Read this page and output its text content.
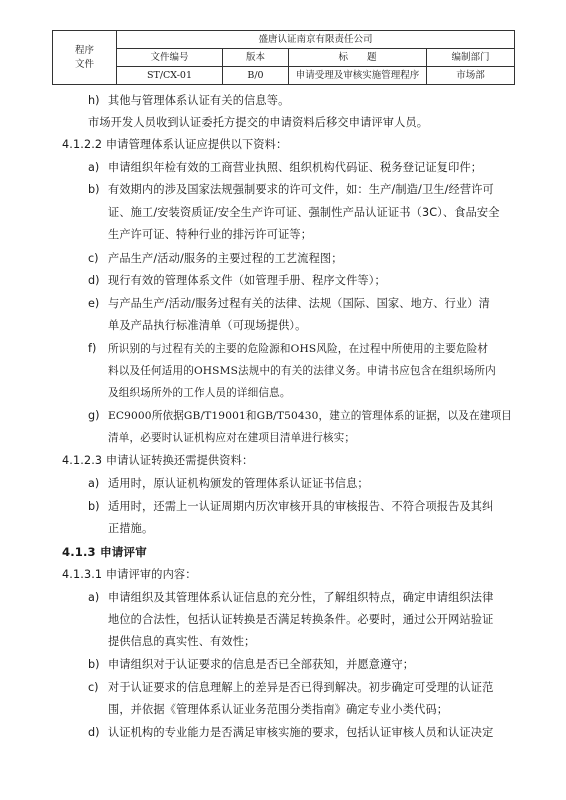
程序
文件	盛唐认证南京有限责任公司			
	文件编号	版本	标　　题	编制部门
	ST/CX-01	B/0	申请受理及审核实施管理程序	市场部
h) 其他与管理体系认证有关的信息等。
市场开发人员收到认证委托方提交的申请资料后移交申请评审人员。
4.1.2.2 申请管理体系认证应提供以下资料：
a) 申请组织年检有效的工商营业执照、组织机构代码证、税务登记证复印件；
b) 有效期内的涉及国家法规强制要求的许可文件，如：生产/制造/卫生/经营许可
证、施工/安装资质证/安全生产许可证、强制性产品认证证书（3C）、食品安全
生产许可证、特种行业的排污许可证等；
c) 产品生产/活动/服务的主要过程的工艺流程图；
d) 现行有效的管理体系文件（如管理手册、程序文件等）；
e) 与产品生产/活动/服务过程有关的法律、法规（国际、国家、地方、行业）清
单及产品执行标准清单（可现场提供）。
f) 所识别的与过程有关的主要的危险源和OHS风险，在过程中所使用的主要危险材
料以及任何适用的OHSMS法规中的有关的法律义务。申请书应包含在组织场所内
及组织场所外的工作人员的详细信息。
g) EC9000所依据GB/T19001和GB/T50430，建立的管理体系的证据，以及在建项目
清单，必要时认证机构应对在建项目清单进行核实；
4.1.2.3 申请认证转换还需提供资料：
a) 适用时，原认证机构颁发的管理体系认证证书信息；
b) 适用时，还需上一认证周期内历次审核开具的审核报告、不符合项报告及其纠
正措施。
4.1.3 申请评审
4.1.3.1 申请评审的内容：
a) 申请组织及其管理体系认证信息的充分性，了解组织特点，确定申请组织法律
地位的合法性，包括认证转换是否满足转换条件。必要时，通过公开网站验证
提供信息的真实性、有效性；
b) 申请组织对于认证要求的信息是否已全部获知，并愿意遵守；
c) 对于认证要求的信息理解上的差异是否已得到解决。初步确定可受理的认证范
围，并依据《管理体系认证业务范围分类指南》确定专业小类代码；
d) 认证机构的专业能力是否满足审核实施的要求，包括认证审核人员和认证决定
